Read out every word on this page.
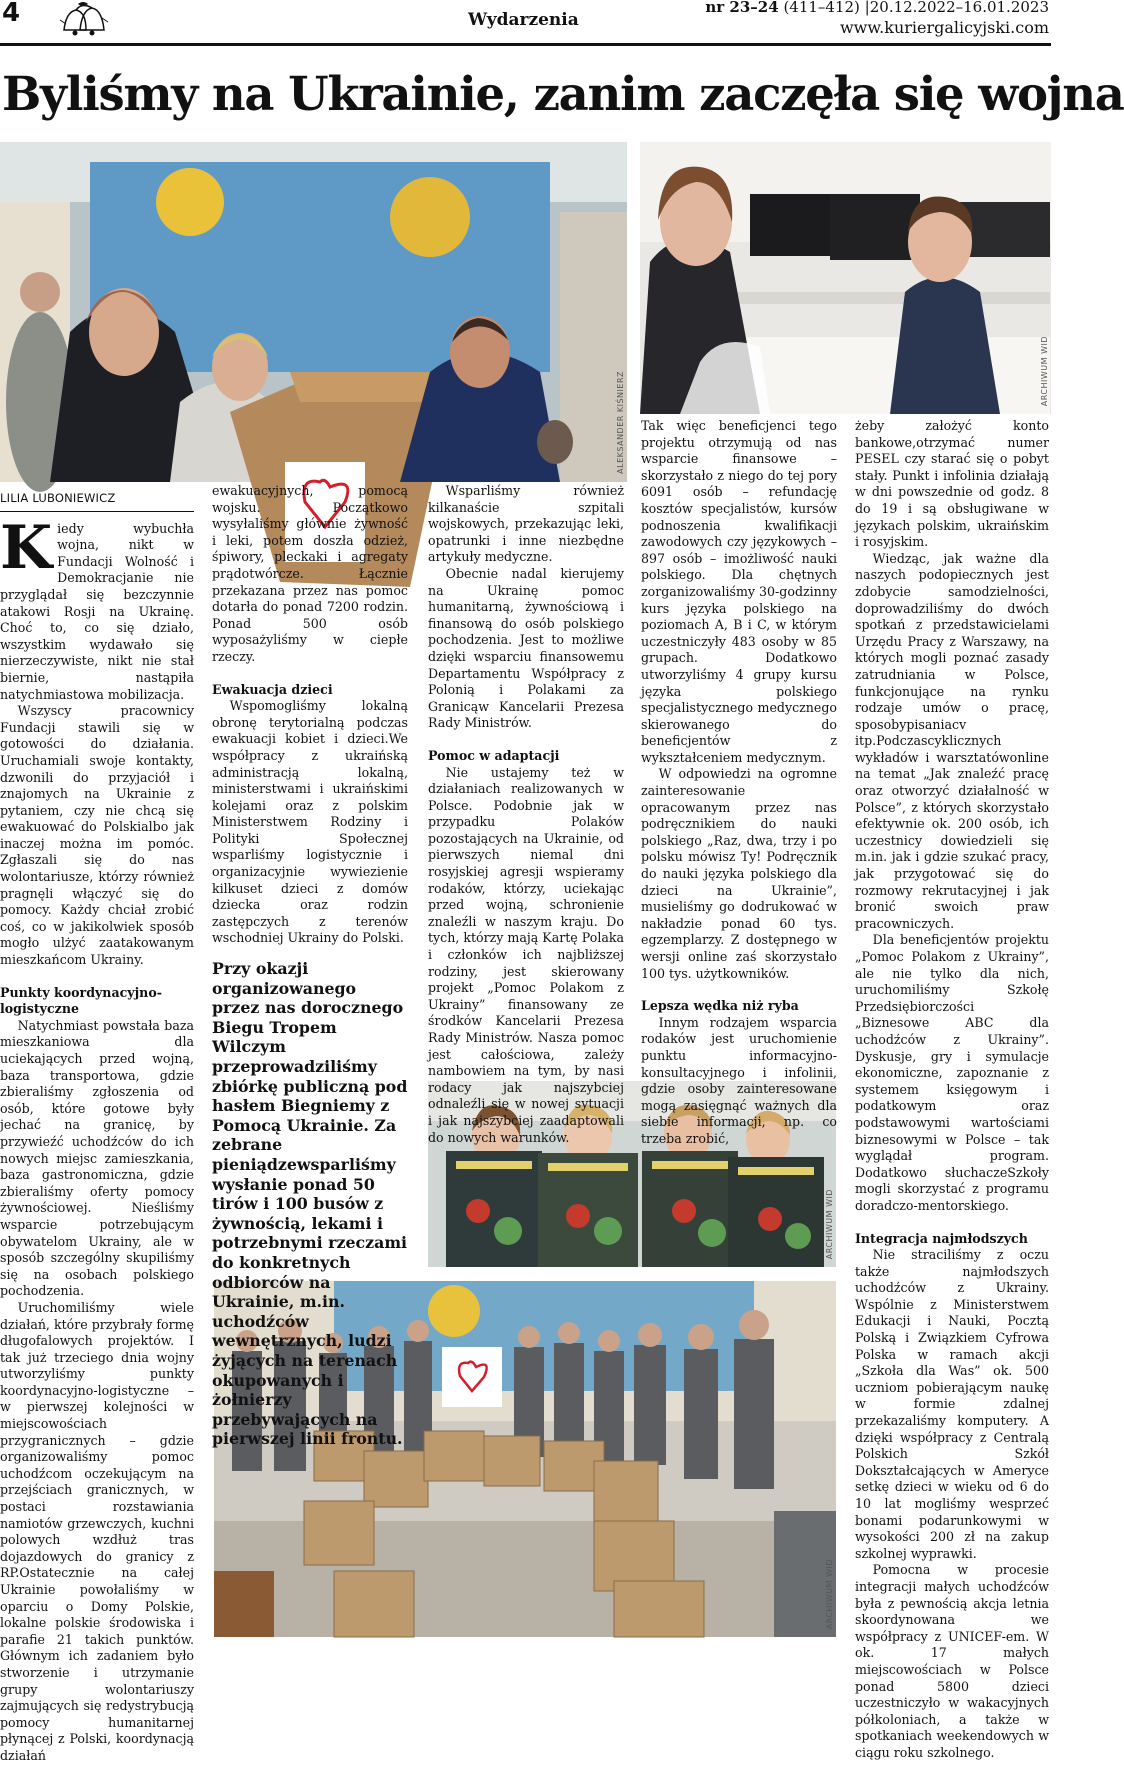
4	Wydarzenia
nr 23–24 (411–412) |20.12.2022–16.01.2023
www.kuriergalicyjski.com
Byliśmy na Ukrainie, zanim zaczęła się wojna
ALEKSANDER KIŚNIERZ
ARCHIWUM WID
ARCHIWUM WID
ARCHIWUM WID
LILIA LUBONIEWICZ

Kiedy wybuchła wojna, nikt w Fundacji Wolność i Demokracjanie nie przyglądał się bezczynnie atakowi Rosji na Ukrainę. Choć to, co się działo, wszystkim wydawało się nierzeczywiste, nikt nie stał biernie, nastąpiła natychmiastowa mobilizacja.

Wszyscy pracownicy Fundacji stawili się w gotowości do działania. Uruchamiali swoje kontakty, dzwonili do przyjaciół i znajomych na Ukrainie z pytaniem, czy nie chcą się ewakuować do Polskialbo jak inaczej można im pomóc. Zgłaszali się do nas wolontariusze, którzy również pragnęli włączyć się do pomocy. Każdy chciał zrobić coś, co w jakikolwiek sposób mogło ulżyć zaatakowanym mieszkańcom Ukrainy.

Punkty koordynacyjno-logistyczne

Natychmiast powstała baza mieszkaniowa dla uciekających przed wojną, baza transportowa, gdzie zbieraliśmy zgłoszenia od osób, które gotowe były jechać na granicę, by przywieźć uchodźców do ich nowych miejsc zamieszkania, baza gastronomiczna, gdzie zbieraliśmy oferty pomocy żywnościowej. Nieśliśmy wsparcie potrzebującym obywatelom Ukrainy, ale w sposób szczególny skupiliśmy się na osobach polskiego pochodzenia.

Uruchomiliśmy wiele działań, które przybrały formę długofalowych projektów. I tak już trzeciego dnia wojny utworzyliśmy punkty koordynacyjno-logistyczne – w pierwszej kolejności w miejscowościach przygranicznych – gdzie organizowaliśmy pomoc uchodźcom oczekującym na przejściach granicznych, w postaci rozstawiania namiotów grzewczych, kuchni polowych wzdłuż tras dojazdowych do granicy z RP.Ostatecznie na całej Ukrainie powołaliśmy w oparciu o Domy Polskie, lokalne polskie środowiska i parafie 21 takich punktów. Głównym ich zadaniem było stworzenie i utrzymanie grupy wolontariuszy zajmujących się redystrybucją pomocy humanitarnej płynącej z Polski, koordynacją działań

ewakuacyjnych, pomocą wojsku. Początkowo wysyłaliśmy głównie żywność i leki, potem doszła odzież, śpiwory, pleckaki i agregaty prądotwórcze. Łącznie przekazana przez nas pomoc dotarła do ponad 7200 rodzin. Ponad 500 osób wyposażyliśmy w ciepłe rzeczy.

Ewakuacja dzieci

Wspomogliśmy lokalną obronę terytorialną podczas ewakuacji kobiet i dzieci.We współpracy z ukraińską administracją lokalną, ministerstwami i ukraińskimi kolejami oraz z polskim Ministerstwem Rodziny i Polityki Społecznej wsparliśmy logistycznie i organizacyjnie wywiezienie kilkuset dzieci z domów dziecka oraz rodzin zastępczych z terenów wschodniej Ukrainy do Polski.

Przy okazji organizowanego przez nas dorocznego Biegu Tropem Wilczym przeprowadziliśmy zbiórkę publiczną pod hasłem Biegniemy z Pomocą Ukrainie. Za zebrane pieniądzewsparliśmy wysłanie ponad 50 tirów i 100 busów z żywnością, lekami i potrzebnymi rzeczami do konkretnych odbiorców na Ukrainie, m.in. uchodźców wewnętrznych, ludzi żyjących na terenach okupowanych i żołnierzy przebywających na pierwszej linii frontu.

Wsparliśmy również kilkanaście szpitali wojskowych, przekazując leki, opatrunki i inne niezbędne artykuły medyczne.

Obecnie nadal kierujemy na Ukrainę pomoc humanitarną, żywnościową i finansową do osób polskiego pochodzenia. Jest to możliwe dzięki wsparciu finansowemu Departamentu Współpracy z Polonią i Polakami za Granicąw Kancelarii Prezesa Rady Ministrów.

Pomoc w adaptacji

Nie ustajemy też w działaniach realizowanych w Polsce. Podobnie jak w przypadku Polaków pozostających na Ukrainie, od pierwszych niemal dni rosyjskiej agresji wspieramy rodaków, którzy, uciekając przed wojną, schronienie znaleźli w naszym kraju. Do tych, którzy mają Kartę Polaka i członków ich najbliższej rodziny, jest skierowany projekt „Pomoc Polakom z Ukrainy” finansowany ze środków Kancelarii Prezesa Rady Ministrów. Nasza pomoc jest całościowa, zależy nambowiem na tym, by nasi rodacy jak najszybciej odnaleźli się w nowej sytuacji i jak najszybciej zaadaptowali do nowych warunków.

Tak więc beneficjenci tego projektu otrzymują od nas wsparcie finansowe – skorzystało z niego do tej pory 6091 osób – refundację kosztów specjalistów, kursów podnoszenia kwalifikacji zawodowych czy językowych –897 osób – imożliwość nauki polskiego. Dla chętnych zorganizowaliśmy 30-godzinny kurs języka polskiego na poziomach A, B i C, w którym uczestniczyły 483 osoby w 85 grupach. Dodatkowo utworzyliśmy 4 grupy kursu języka polskiego specjalistycznego medycznego skierowanego do beneficjentów z wykształceniem medycznym.

W odpowiedzi na ogromne zainteresowanie opracowanym przez nas podręcznikiem do nauki polskiego „Raz, dwa, trzy i po polsku mówisz Ty! Podręcznik do nauki języka polskiego dla dzieci na Ukrainie”, musieliśmy go dodrukować w nakładzie ponad 60 tys. egzemplarzy. Z dostępnego w wersji online zaś skorzystało 100 tys. użytkowników.

Lepsza wędka niż ryba

Innym rodzajem wsparcia rodaków jest uruchomienie punktu informacyjno-konsultacyjnego i infolinii, gdzie osoby zainteresowane mogą zasięgnąć ważnych dla siebie informacji, np. co trzeba zrobić,

żeby założyć konto bankowe,otrzymać numer PESEL czy starać się o pobyt stały. Punkt i infolinia działają w dni powszednie od godz. 8 do 19 i są obsługiwane w językach polskim, ukraińskim i rosyjskim.

Wiedząc, jak ważne dla naszych podopiecznych jest zdobycie samodzielności, doprowadziliśmy do dwóch spotkań z przedstawicielami Urzędu Pracy z Warszawy, na których mogli poznać zasady zatrudniania w Polsce, funkcjonujące na rynku rodzaje umów o pracę, sposobypisaniacv itp.Podczascyklicznych wykładów i warsztatówonline na temat „Jak znaleźć pracę oraz otworzyć działalność w Polsce”, z których skorzystało efektywnie ok. 200 osób, ich uczestnicy dowiedzieli się m.in. jak i gdzie szukać pracy, jak przygotować się do rozmowy rekrutacyjnej i jak bronić swoich praw pracowniczych.

Dla beneficjentów projektu „Pomoc Polakom z Ukrainy”, ale nie tylko dla nich, uruchomiliśmy Szkołę Przedsiębiorczości „Biznesowe ABC dla uchodźców z Ukrainy”. Dyskusje, gry i symulacje ekonomiczne, zapoznanie z systemem księgowym i podatkowym oraz podstawowymi wartościami biznesowymi w Polsce – tak wyglądał program. Dodatkowo słuchaczeSzkoły mogli skorzystać z programu doradczo-mentorskiego.

Integracja najmłodszych

Nie straciliśmy z oczu także najmłodszych uchodźców z Ukrainy. Wspólnie z Ministerstwem Edukacji i Nauki, Pocztą Polską i Związkiem Cyfrowa Polska w ramach akcji „Szkoła dla Was” ok. 500 uczniom pobierającym naukę w formie zdalnej przekazaliśmy komputery. A dzięki współpracy z Centralą Polskich Szkół Dokształcających w Ameryce setkę dzieci w wieku od 6 do 10 lat mogliśmy wesprzeć bonami podarunkowymi w wysokości 200 zł na zakup szkolnej wyprawki.

Pomocna w procesie integracji małych uchodźców była z pewnością akcja letnia skoordynowana we współpracy z UNICEF-em. W ok. 17 małych miejscowościach w Polsce ponad 5800 dzieci uczestniczyło w wakacyjnych półkoloniach, a także w spotkaniach weekendowych w ciągu roku szkolnego.
